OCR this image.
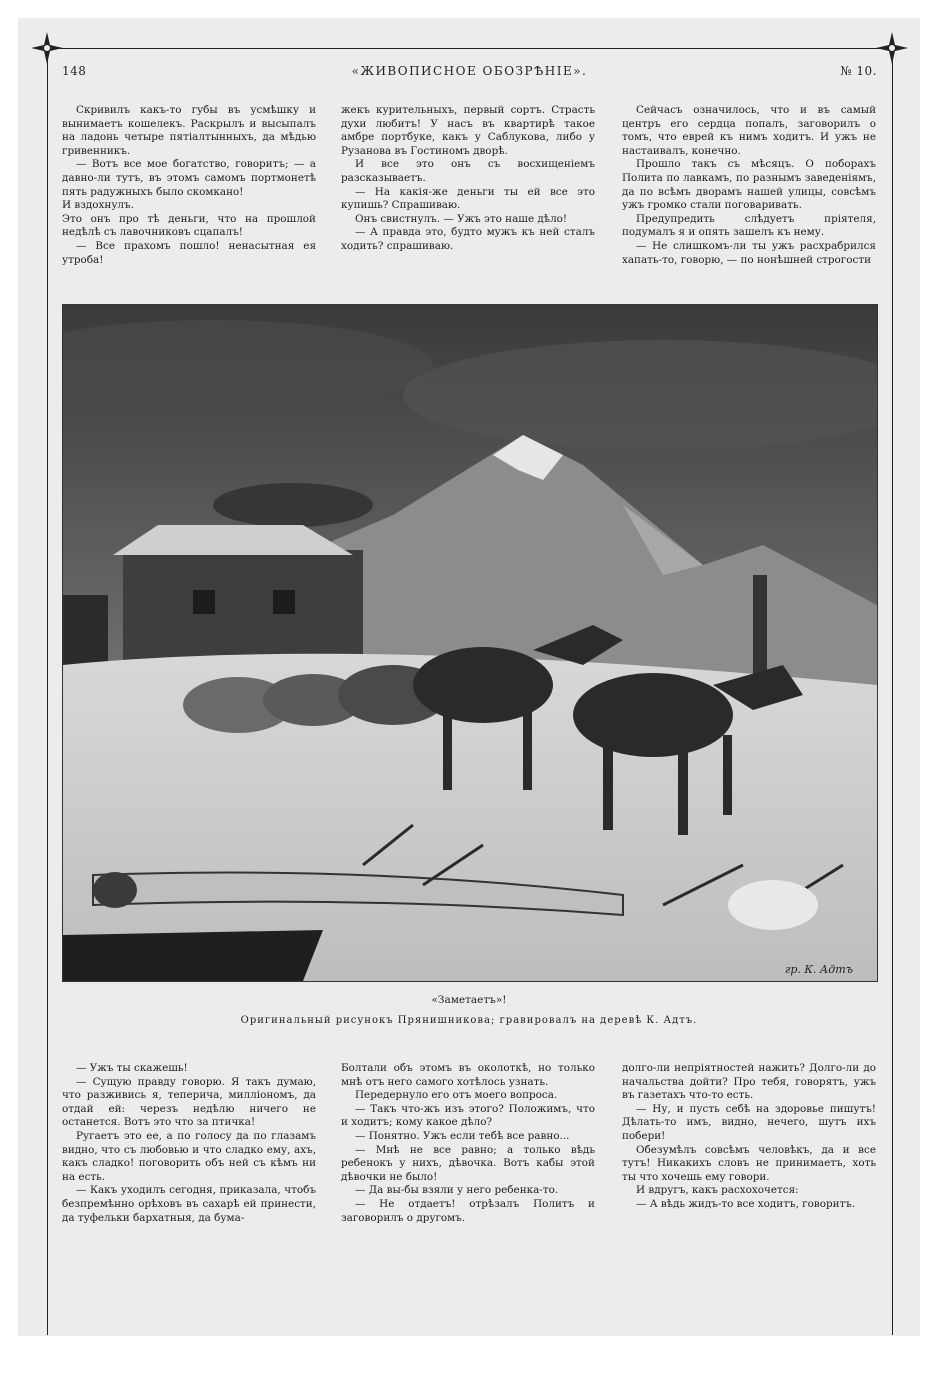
148	«ЖИВОПИСНОЕ ОБОЗРѢНІЕ».	№ 10.

Скривилъ какъ-то губы въ усмѣшку и вынимаетъ кошелекъ. Раскрылъ и высыпалъ на ладонь четыре пятіалтынныхъ, да мѣдью гривенникъ.

— Вотъ все мое богатство, говоритъ; — а давно-ли тутъ, въ этомъ самомъ портмонетѣ пять радужныхъ было скомкано!

И вздохнулъ.

Это онъ про тѣ деньги, что на прошлой недѣлѣ съ лавочниковъ сцапалъ!

— Все прахомъ пошло! ненасытная ея утроба!

жекъ курительныхъ, первый сортъ. Страсть духи любитъ! У насъ въ квартирѣ такое амбре портбуке, какъ у Саблукова, либо у Рузанова въ Гостиномъ дворѣ.

И все это онъ съ восхищеніемъ разсказываетъ.

— На какія-же деньги ты ей все это купишь? Спрашиваю.

Онъ свистнулъ. — Ужъ это наше дѣло!

— А правда это, будто мужъ къ ней сталъ ходить? спрашиваю.

Сейчасъ означилось, что и въ самый центръ его сердца попалъ, заговорилъ о томъ, что еврей къ нимъ ходитъ. И ужъ не настаивалъ, конечно.

Прошло такъ съ мѣсяцъ. О поборахъ Полита по лавкамъ, по разнымъ заведеніямъ, да по всѣмъ дворамъ нашей улицы, совсѣмъ ужъ громко стали поговаривать.

Предупредить слѣдуетъ пріятеля, подумалъ я и опять зашелъ къ нему.

— Не слишкомъ-ли ты ужъ расхрабрился хапать-то, говорю, — по нонѣшней строгости

гр. К. Адтъ
«Заметаетъ»!
Оригинальный рисунокъ Прянишникова; гравировалъ на деревѣ К. Адтъ.

— Ужъ ты скажешь!

— Сущую правду говорю. Я такъ думаю, что разживись я, теперича, милліономъ, да отдай ей: черезъ недѣлю ничего не останется. Вотъ это что за птичка!

Ругаетъ это ее, а по голосу да по глазамъ видно, что съ любовью и что сладко ему, ахъ, какъ сладко! поговорить объ ней съ кѣмъ ни на есть.

— Какъ уходилъ сегодня, приказала, чтобъ безпремѣнно орѣховъ въ сахарѣ ей принести, да туфельки бархатныя, да бума-

Болтали объ этомъ въ околоткѣ, но только мнѣ отъ него самого хотѣлось узнать.

Передернуло его отъ моего вопроса.

— Такъ что-жъ изъ этого? Положимъ, что и ходитъ; кому какое дѣло?

— Понятно. Ужъ если тебѣ все равно...

— Мнѣ не все равно; а только вѣдь ребенокъ у нихъ, дѣвочка. Вотъ кабы этой дѣвочки не было!

— Да вы-бы взяли у него ребенка-то.

— Не отдаетъ! отрѣзалъ Политъ и заговорилъ о другомъ.

долго-ли непріятностей нажить? Долго-ли до начальства дойти? Про тебя, говорятъ, ужъ въ газетахъ что-то есть.

— Ну, и пусть себѣ на здоровье пишутъ! Дѣлать-то имъ, видно, нечего, шутъ ихъ побери!

Обезумѣлъ совсѣмъ человѣкъ, да и все тутъ! Никакихъ словъ не принимаетъ, хоть ты что хочешь ему говори.

И вдругъ, какъ расхохочется:

— А вѣдь жидъ-то все ходитъ, говоритъ.
